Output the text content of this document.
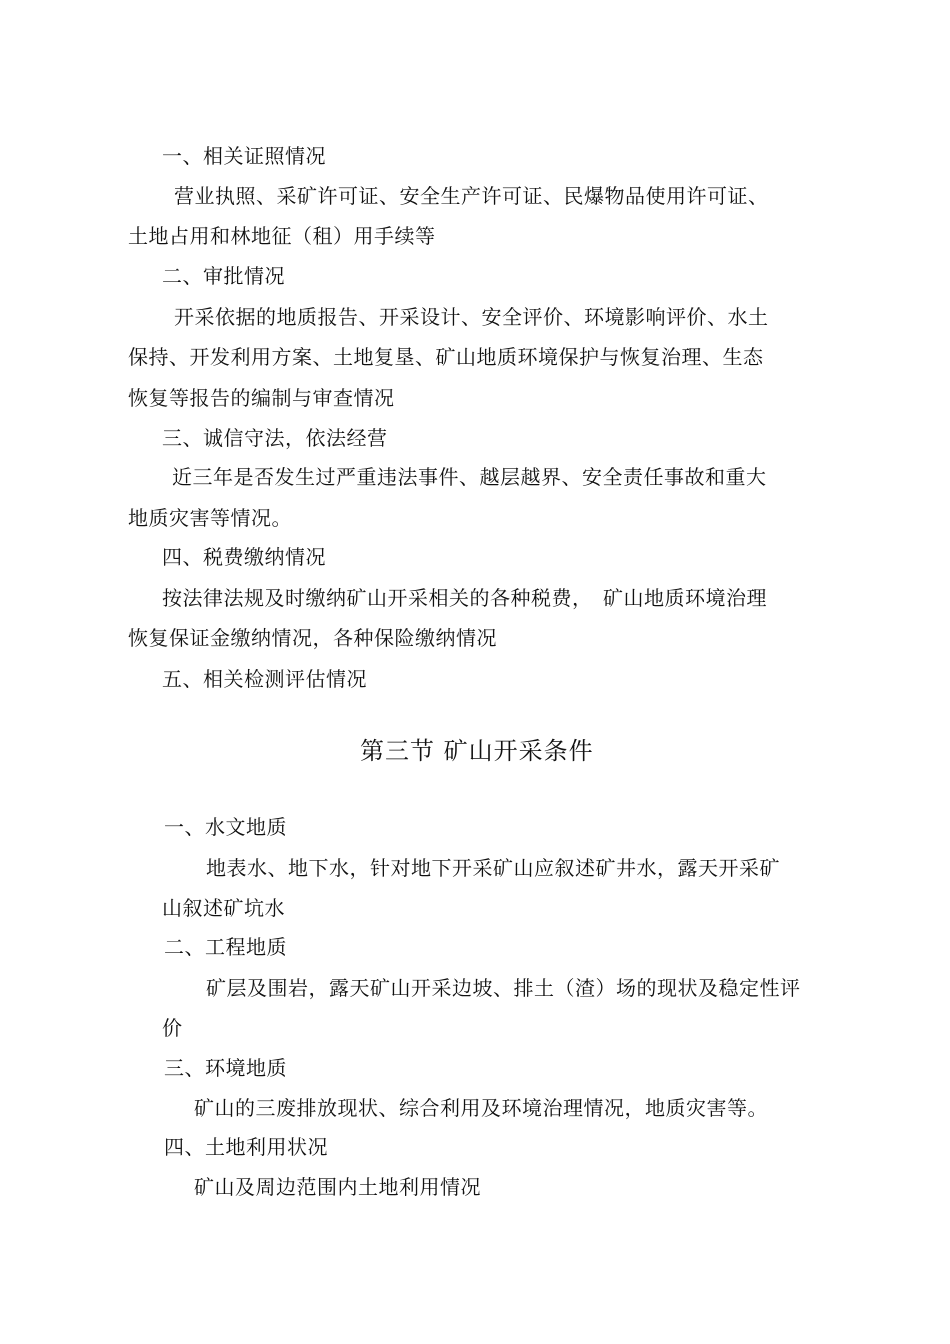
一、相关证照情况
营业执照、采矿许可证、安全生产许可证、民爆物品使用许可证、
土地占用和林地征（租）用手续等
二、审批情况
开采依据的地质报告、开采设计、安全评价、环境影响评价、水土
保持、开发利用方案、土地复垦、矿山地质环境保护与恢复治理、生态
恢复等报告的编制与审查情况
三、诚信守法，依法经营
近三年是否发生过严重违法事件、越层越界、安全责任事故和重大
地质灾害等情况。
四、税费缴纳情况
按法律法规及时缴纳矿山开采相关的各种税费，　矿山地质环境治理
恢复保证金缴纳情况，各种保险缴纳情况
五、相关检测评估情况
第三节 矿山开采条件
一、水文地质
地表水、地下水，针对地下开采矿山应叙述矿井水，露天开采矿
山叙述矿坑水
二、工程地质
矿层及围岩，露天矿山开采边坡、排土（渣）场的现状及稳定性评
价
三、环境地质
矿山的三废排放现状、综合利用及环境治理情况，地质灾害等。
四、土地利用状况
矿山及周边范围内土地利用情况
